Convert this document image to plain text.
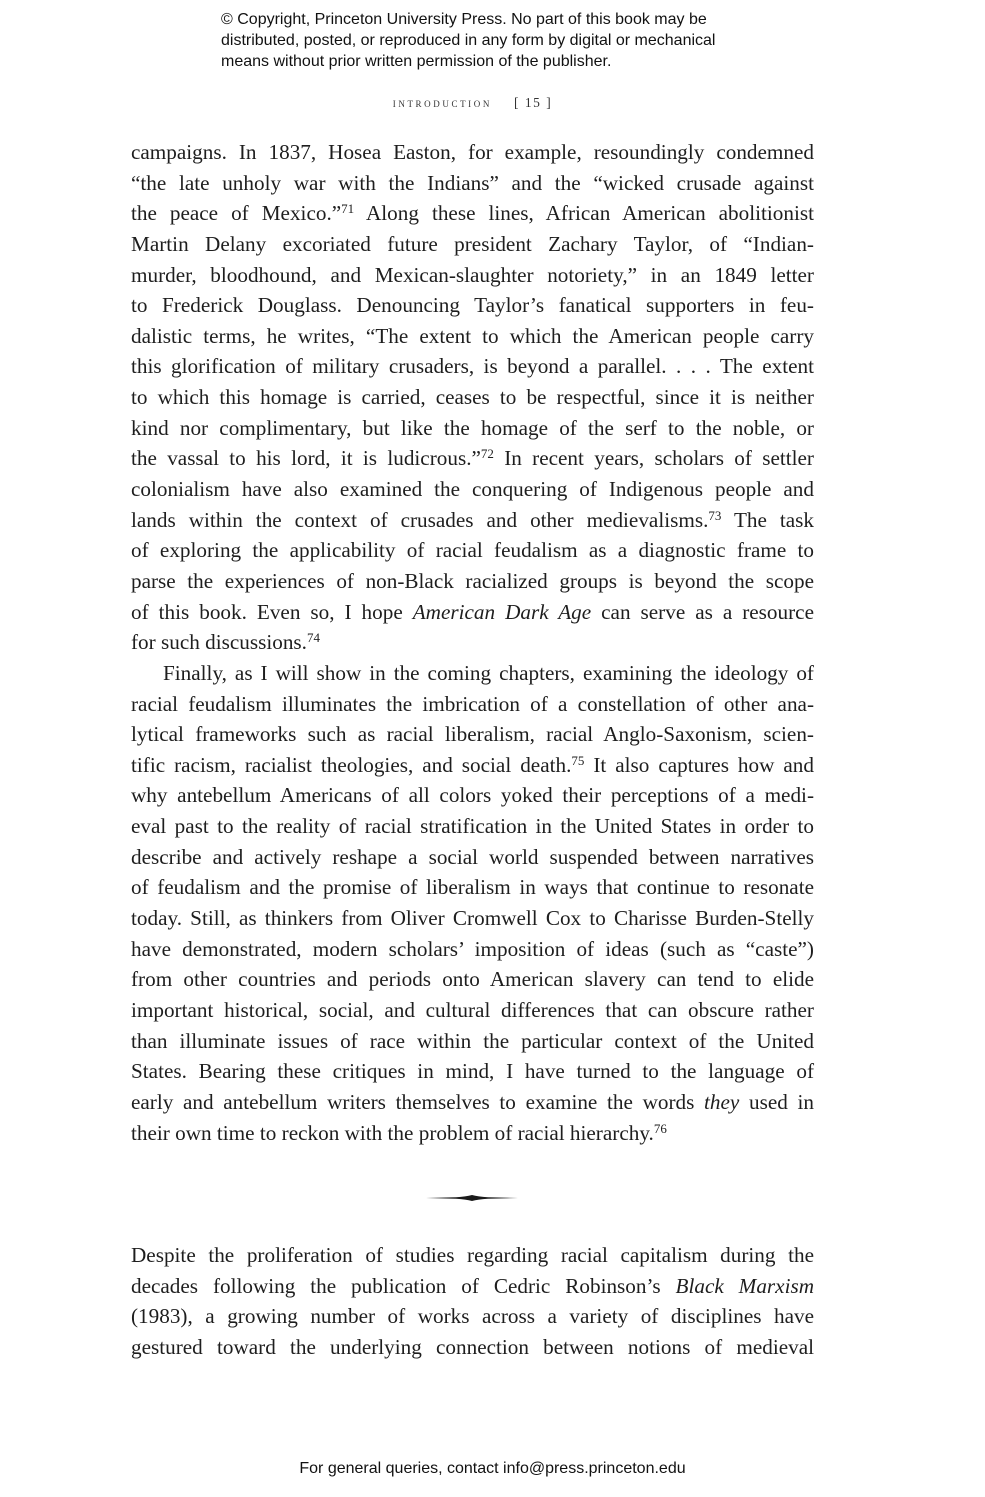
© Copyright, Princeton University Press. No part of this book may be
distributed, posted, or reproduced in any form by digital or mechanical
means without prior written permission of the publisher.
introduction [ 15 ]
campaigns. In 1837, Hosea Easton, for example, resoundingly condemned
“the late unholy war with the Indians” and the “wicked crusade against
the peace of Mexico.”$^{71}$ Along these lines, African American abolitionist
Martin Delany excoriated future president Zachary Taylor, of “Indian-
murder, bloodhound, and Mexican-slaughter notoriety,” in an 1849 letter
to Frederick Douglass. Denouncing Taylor’s fanatical supporters in feu-
dalistic terms, he writes, “The extent to which the American people carry
this glorification of military crusaders, is beyond a parallel. . . . The extent
to which this homage is carried, ceases to be respectful, since it is neither
kind nor complimentary, but like the homage of the serf to the noble, or
the vassal to his lord, it is ludicrous.”$^{72}$ In recent years, scholars of settler
colonialism have also examined the conquering of Indigenous people and
lands within the context of crusades and other medievalisms.$^{73}$ The task
of exploring the applicability of racial feudalism as a diagnostic frame to
parse the experiences of non-Black racialized groups is beyond the scope
of this book. Even so, I hope American Dark Age can serve as a resource
for such discussions.$^{74}$
Finally, as I will show in the coming chapters, examining the ideology of
racial feudalism illuminates the imbrication of a constellation of other ana-
lytical frameworks such as racial liberalism, racial Anglo-Saxonism, scien-
tific racism, racialist theologies, and social death.$^{75}$ It also captures how and
why antebellum Americans of all colors yoked their perceptions of a medi-
eval past to the reality of racial stratification in the United States in order to
describe and actively reshape a social world suspended between narratives
of feudalism and the promise of liberalism in ways that continue to resonate
today. Still, as thinkers from Oliver Cromwell Cox to Charisse Burden-Stelly
have demonstrated, modern scholars’ imposition of ideas (such as “caste”)
from other countries and periods onto American slavery can tend to elide
important historical, social, and cultural differences that can obscure rather
than illuminate issues of race within the particular context of the United
States. Bearing these critiques in mind, I have turned to the language of
early and antebellum writers themselves to examine the words they used in
their own time to reckon with the problem of racial hierarchy.$^{76}$
Despite the proliferation of studies regarding racial capitalism during the
decades following the publication of Cedric Robinson’s Black Marxism
(1983), a growing number of works across a variety of disciplines have
gestured toward the underlying connection between notions of medieval
For general queries, contact info@press.princeton.edu
